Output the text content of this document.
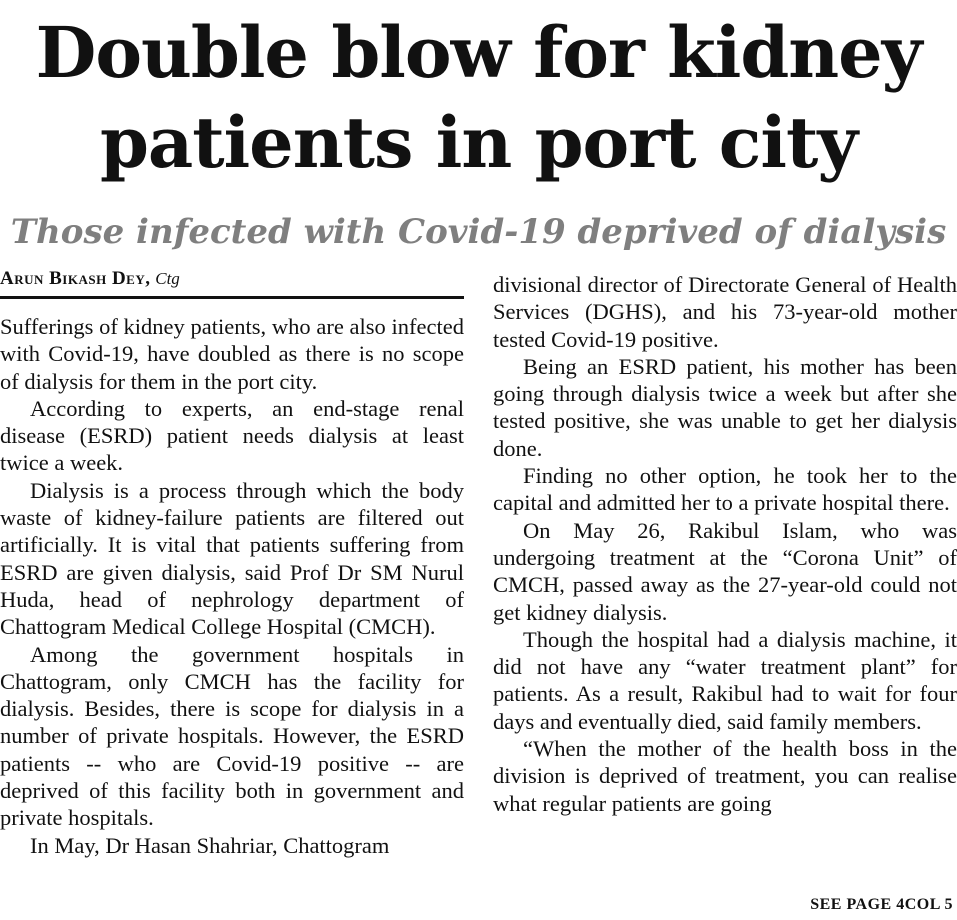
Double blow for kidney
patients in port city
Those infected with Covid-19 deprived of dialysis
Arun Bikash Dey, Ctg

Sufferings of kidney patients, who are also infected with Covid-19, have doubled as there is no scope of dialysis for them in the port city.

According to experts, an end-stage renal disease (ESRD) patient needs dialysis at least twice a week.

Dialysis is a process through which the body waste of kidney-failure patients are filtered out artificially. It is vital that patients suffering from ESRD are given dialysis, said Prof Dr SM Nurul Huda, head of nephrology department of Chattogram Medical College Hospital (CMCH).

Among the government hospitals in Chattogram, only CMCH has the facility for dialysis. Besides, there is scope for dialysis in a number of private hospitals. However, the ESRD patients -- who are Covid-19 positive -- are deprived of this facility both in government and private hospitals.

In May, Dr Hasan Shahriar, Chattogram

divisional director of Directorate General of Health Services (DGHS), and his 73-year-old mother tested Covid-19 positive.

Being an ESRD patient, his mother has been going through dialysis twice a week but after she tested positive, she was unable to get her dialysis done.

Finding no other option, he took her to the capital and admitted her to a private hospital there.

On May 26, Rakibul Islam, who was undergoing treatment at the “Corona Unit” of CMCH, passed away as the 27-year-old could not get kidney dialysis.

Though the hospital had a dialysis machine, it did not have any “water treatment plant” for patients. As a result, Rakibul had to wait for four days and eventually died, said family members.

“When the mother of the health boss in the division is deprived of treatment, you can realise what regular patients are going

SEE PAGE 4COL 5
